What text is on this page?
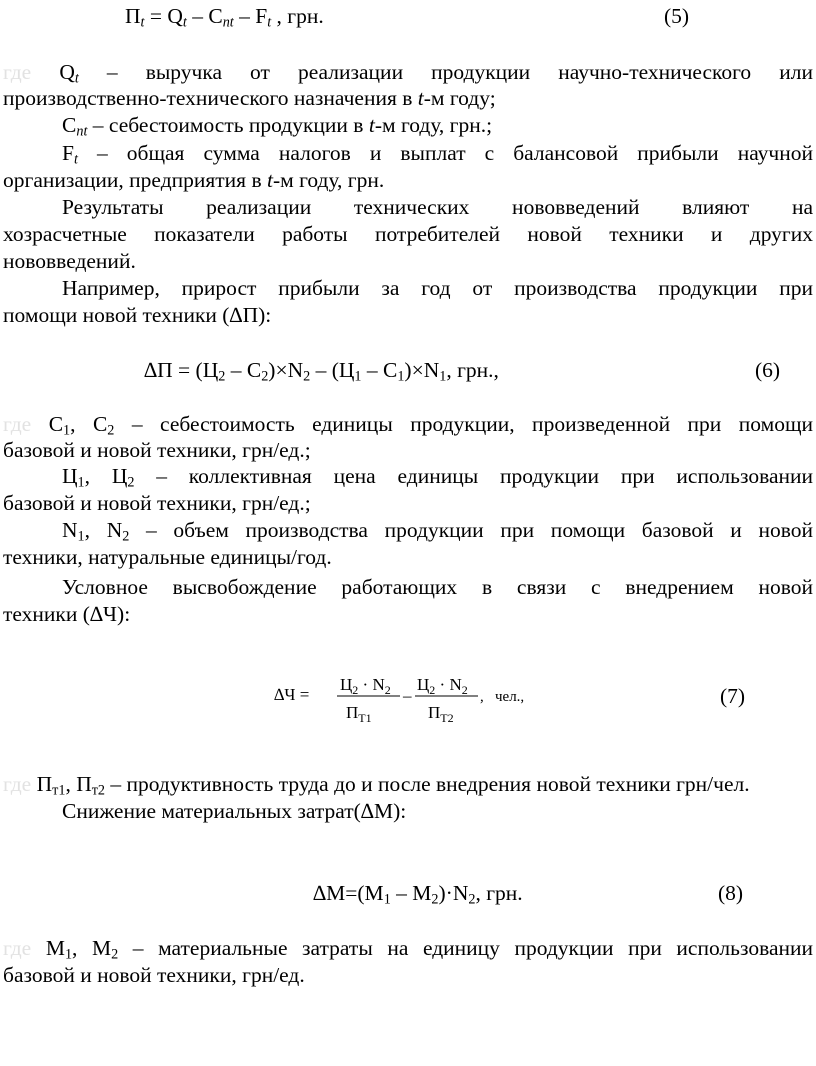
$П_t = Q_t - C_{nt} - F_t$ , грн.	(5)

где $Q_t$ – выручка от реализации продукции научно-технического или

производственно-технического назначения в t-м году;

$C_{nt}$ – себестоимость продукции в t-м году, грн.;

$F_t$ – общая сумма налогов и выплат с балансовой прибыли научной

организации, предприятия в t-м году, грн.

Результаты реализации технических нововведений влияют на

хозрасчетные показатели работы потребителей новой техники и других

нововведений.

Например, прирост прибыли за год от производства продукции при

помощи новой техники (∆П):

$\Delta П = (Ц_2 - C_2)\times N_2 - (Ц_1 - C_1)\times N_1$, грн.,	(6)

где $C_1$, $C_2$ – себестоимость единицы продукции, произведенной при помощи

базовой и новой техники, грн/ед.;

$Ц_1$, $Ц_2$ – коллективная цена единицы продукции при использовании

базовой и новой техники, грн/ед.;

$N_1$, $N_2$ – объем производства продукции при помощи базовой и новой

техники, натуральные единицы/год.

Условное высвобождение работающих в связи с внедрением новой

техники (∆Ч):

∆Ч =
$Ц_2 \cdot N_2$
$П_{Т1}$
–
$Ц_2 \cdot N_2$
$П_{Т2}$
,   чел.,	(7)

где $П_{т1}$, $П_{т2}$ – продуктивность труда до и после внедрения новой техники грн/чел.

Снижение материальных затрат(∆М):

$\Delta М=(М_1 - М_2)\cdot N_2$, грн.	(8)

где $М_1$, $М_2$ – материальные затраты на единицу продукции при использовании

базовой и новой техники, грн/ед.
